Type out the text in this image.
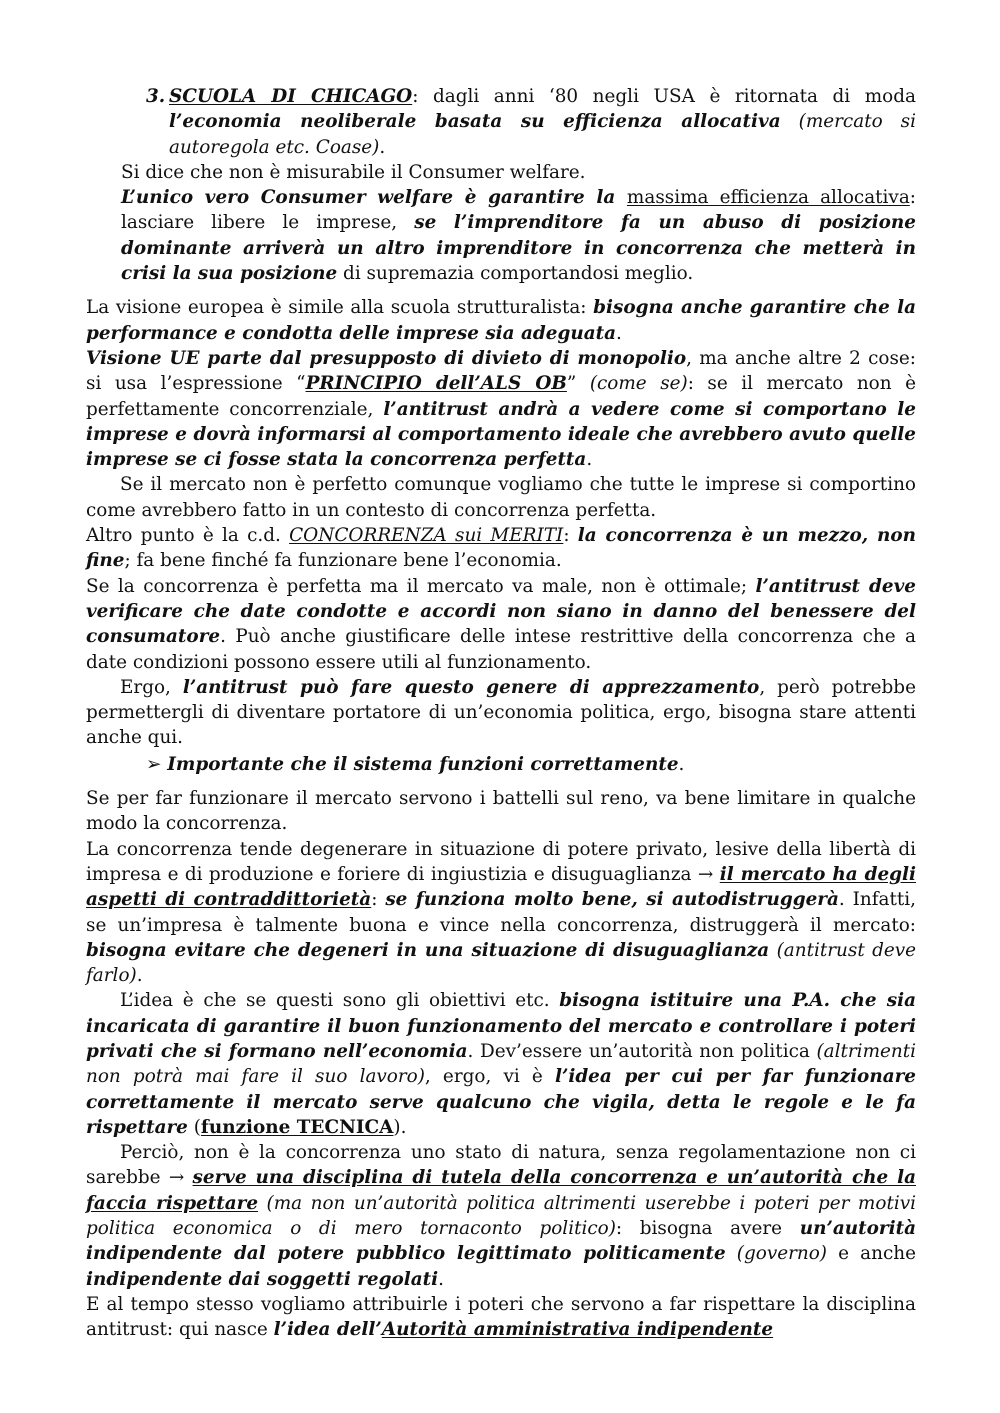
3. SCUOLA DI CHICAGO: dagli anni ‘80 negli USA è ritornata di moda l’economia neoliberale basata su efficienza allocativa (mercato si autoregola etc. Coase).

Si dice che non è misurabile il Consumer welfare.

L’unico vero Consumer welfare è garantire la massima efficienza allocativa: lasciare libere le imprese, se l’imprenditore fa un abuso di posizione dominante arriverà un altro imprenditore in concorrenza che metterà in crisi la sua posizione di supremazia comportandosi meglio.

La visione europea è simile alla scuola strutturalista: bisogna anche garantire che la performance e condotta delle imprese sia adeguata.

Visione UE parte dal presupposto di divieto di monopolio, ma anche altre 2 cose: si usa l’espressione “PRINCIPIO dell’ALS OB” (come se): se il mercato non è perfettamente concorrenziale, l’antitrust andrà a vedere come si comportano le imprese e dovrà informarsi al comportamento ideale che avrebbero avuto quelle imprese se ci fosse stata la concorrenza perfetta.

Se il mercato non è perfetto comunque vogliamo che tutte le imprese si comportino come avrebbero fatto in un contesto di concorrenza perfetta.

Altro punto è la c.d. CONCORRENZA sui MERITI: la concorrenza è un mezzo, non fine; fa bene finché fa funzionare bene l’economia.

Se la concorrenza è perfetta ma il mercato va male, non è ottimale; l’antitrust deve verificare che date condotte e accordi non siano in danno del benessere del consumatore. Può anche giustificare delle intese restrittive della concorrenza che a date condizioni possono essere utili al funzionamento.

Ergo, l’antitrust può fare questo genere di apprezzamento, però potrebbe permettergli di diventare portatore di un’economia politica, ergo, bisogna stare attenti anche qui.

➢ Importante che il sistema funzioni correttamente.

Se per far funzionare il mercato servono i battelli sul reno, va bene limitare in qualche modo la concorrenza.

La concorrenza tende degenerare in situazione di potere privato, lesive della libertà di impresa e di produzione e foriere di ingiustizia e disuguaglianza → il mercato ha degli aspetti di contraddittorietà: se funziona molto bene, si autodistruggerà. Infatti, se un’impresa è talmente buona e vince nella concorrenza, distruggerà il mercato: bisogna evitare che degeneri in una situazione di disuguaglianza (antitrust deve farlo).

L’idea è che se questi sono gli obiettivi etc. bisogna istituire una P.A. che sia incaricata di garantire il buon funzionamento del mercato e controllare i poteri privati che si formano nell’economia. Dev’essere un’autorità non politica (altrimenti non potrà mai fare il suo lavoro), ergo, vi è l’idea per cui per far funzionare correttamente il mercato serve qualcuno che vigila, detta le regole e le fa rispettare (funzione TECNICA).

Perciò, non è la concorrenza uno stato di natura, senza regolamentazione non ci sarebbe → serve una disciplina di tutela della concorrenza e un’autorità che la faccia rispettare (ma non un’autorità politica altrimenti userebbe i poteri per motivi politica economica o di mero tornaconto politico): bisogna avere un’autorità indipendente dal potere pubblico legittimato politicamente (governo) e anche indipendente dai soggetti regolati.

E al tempo stesso vogliamo attribuirle i poteri che servono a far rispettare la disciplina antitrust: qui nasce l’idea dell’Autorità amministrativa indipendente
